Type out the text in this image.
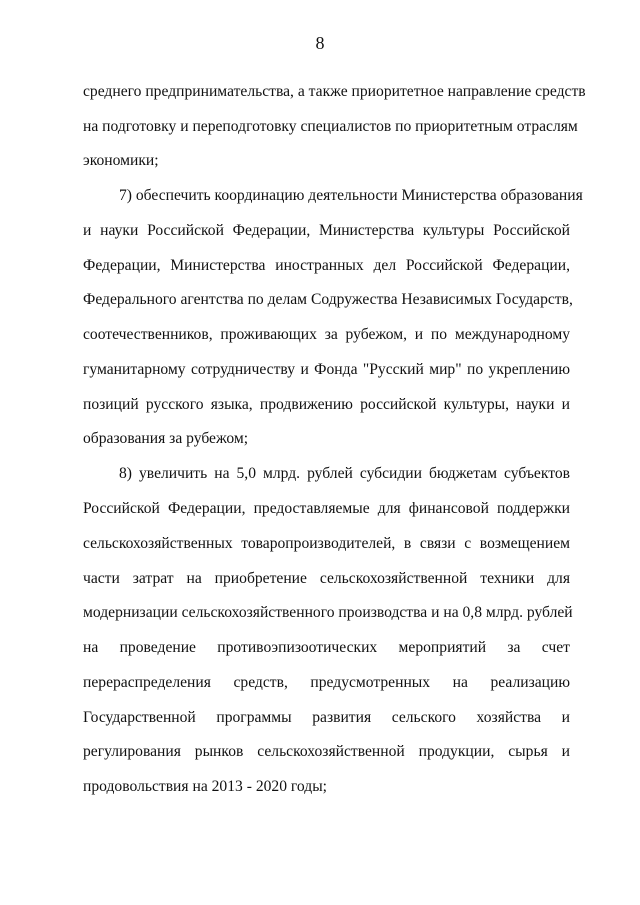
8
среднего предпринимательства, а также приоритетное направление средств
на подготовку и переподготовку специалистов по приоритетным отраслям
экономики;
7) обеспечить координацию деятельности Министерства образования
и науки Российской Федерации, Министерства культуры Российской
Федерации, Министерства иностранных дел Российской Федерации,
Федерального агентства по делам Содружества Независимых Государств,
соотечественников, проживающих за рубежом, и по международному
гуманитарному сотрудничеству и Фонда "Русский мир" по укреплению
позиций русского языка, продвижению российской культуры, науки и
образования за рубежом;
8) увеличить на 5,0 млрд. рублей субсидии бюджетам субъектов
Российской Федерации, предоставляемые для финансовой поддержки
сельскохозяйственных товаропроизводителей, в связи с возмещением
части затрат на приобретение сельскохозяйственной техники для
модернизации сельскохозяйственного производства и на 0,8 млрд. рублей
на проведение противоэпизоотических мероприятий за счет
перераспределения средств, предусмотренных на реализацию
Государственной программы развития сельского хозяйства и
регулирования рынков сельскохозяйственной продукции, сырья и
продовольствия на 2013 - 2020 годы;
